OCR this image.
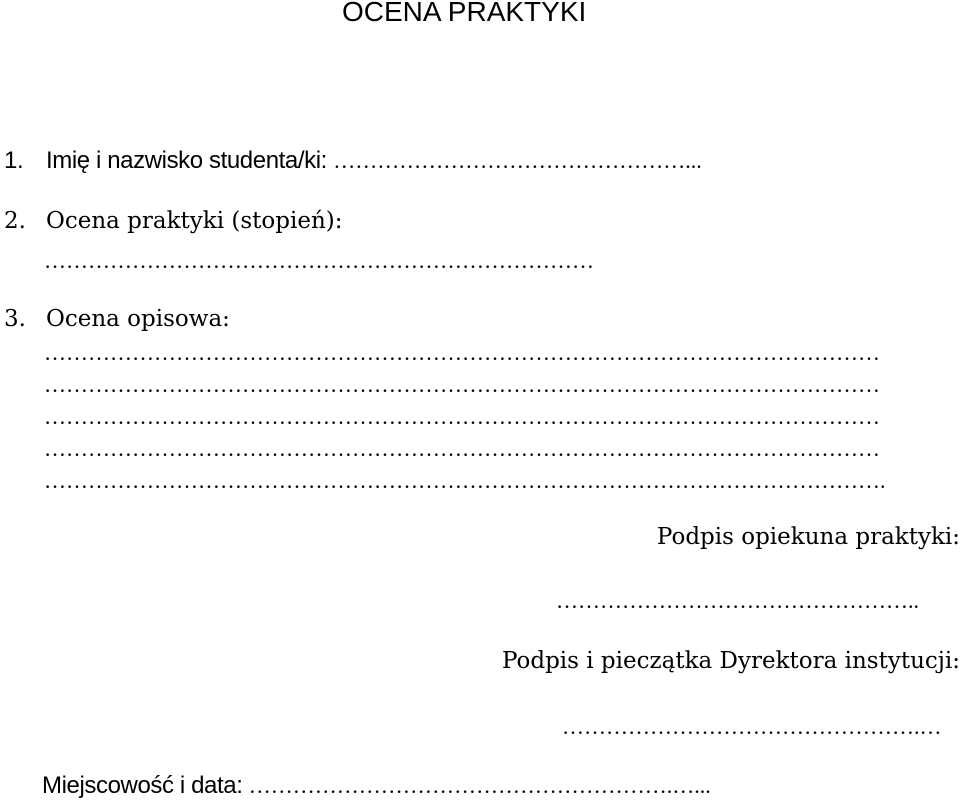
OCENA PRAKTYKI
1. Imię i nazwisko studenta/ki: …………………………………………...
2. Ocena praktyki (stopień):
…………………………………………………………………
3. Ocena opisowa:
……………………………………………………………………………………………………
……………………………………………………………………………………………………
……………………………………………………………………………………………………
……………………………………………………………………………………………………
…………………………………………………………………………………………………….
Podpis opiekuna praktyki:
…………………………………………..
Podpis i pieczątka Dyrektora instytucji:
………………………………………….…
Miejscowość i data: ………………………………………………….…...
